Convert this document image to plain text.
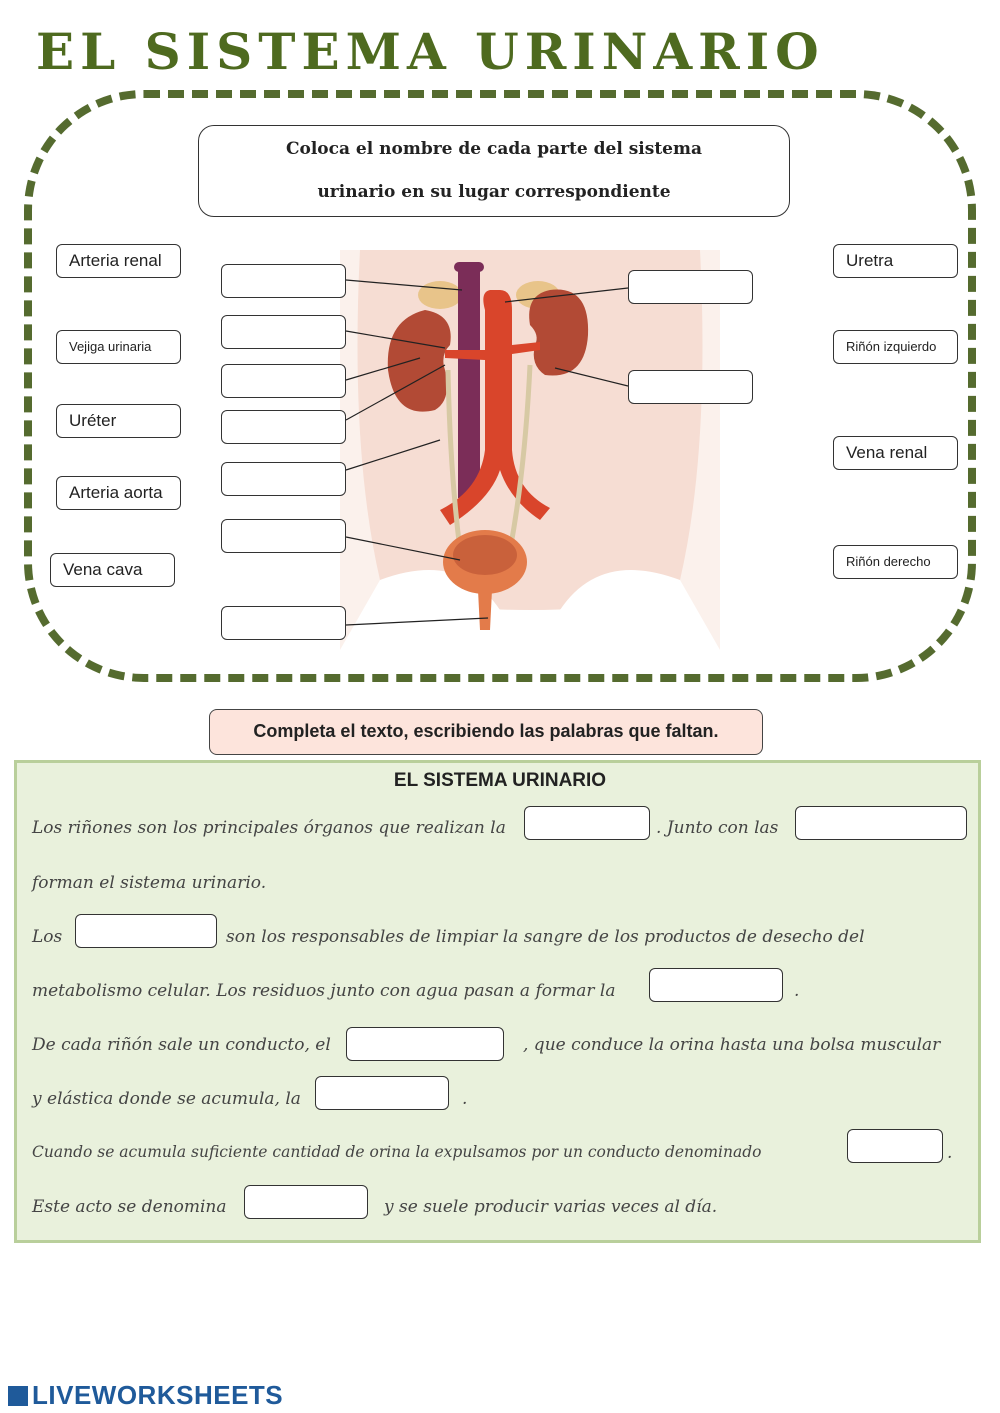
EL SISTEMA URINARIO
Coloca el nombre de cada parte del sistema
urinario en su lugar correspondiente
Arteria renal
Vejiga urinaria
Uréter
Arteria aorta
Vena cava
Uretra
Riñón izquierdo
Vena renal
Riñón derecho
Completa el texto, escribiendo las palabras que faltan.
EL SISTEMA URINARIO
Los riñones son los principales órganos que realizan la	. Junto con las
forman el sistema urinario.
Los	son los responsables de limpiar la sangre de los productos de desecho del
metabolismo celular. Los residuos junto con agua pasan a formar la	.
De cada riñón sale un conducto, el	, que conduce la orina hasta una bolsa muscular
y elástica donde se acumula, la	.
Cuando se acumula suficiente cantidad de orina la expulsamos por un conducto denominado	.
Este acto se denomina	y se suele producir varias veces al día.
LIVEWORKSHEETS
